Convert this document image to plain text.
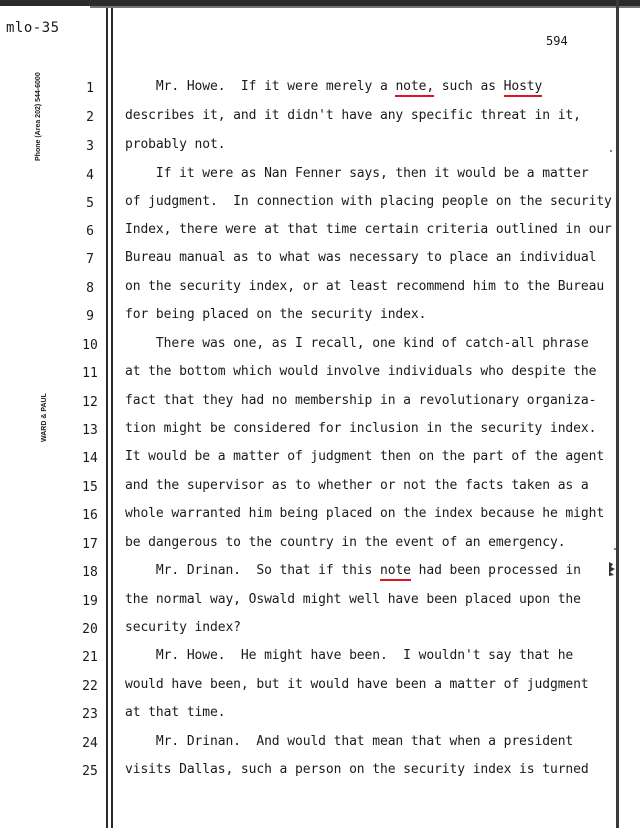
mlo-35
594
Phone (Area 202) 544-6000
WARD & PAUL
1	Mr. Howe.  If it were merely a note, such as Hosty
2	describes it, and it didn't have any specific threat in it,
3	probably not.
4	If it were as Nan Fenner says, then it would be a matter
5	of judgment.  In connection with placing people on the security
6	Index, there were at that time certain criteria outlined in our
7	Bureau manual as to what was necessary to place an individual
8	on the security index, or at least recommend him to the Bureau
9	for being placed on the security index.
10	There was one, as I recall, one kind of catch-all phrase
11	at the bottom which would involve individuals who despite the
12	fact that they had no membership in a revolutionary organiza-
13	tion might be considered for inclusion in the security index.
14	It would be a matter of judgment then on the part of the agent
15	and the supervisor as to whether or not the facts taken as a
16	whole warranted him being placed on the index because he might
17	be dangerous to the country in the event of an emergency.
18	Mr. Drinan.  So that if this note had been processed in
19	the normal way, Oswald might well have been placed upon the
20	security index?
21	Mr. Howe.  He might have been.  I wouldn't say that he
22	would have been, but it would have been a matter of judgment
23	at that time.
24	Mr. Drinan.  And would that mean that when a president
25	visits Dallas, such a person on the security index is turned
